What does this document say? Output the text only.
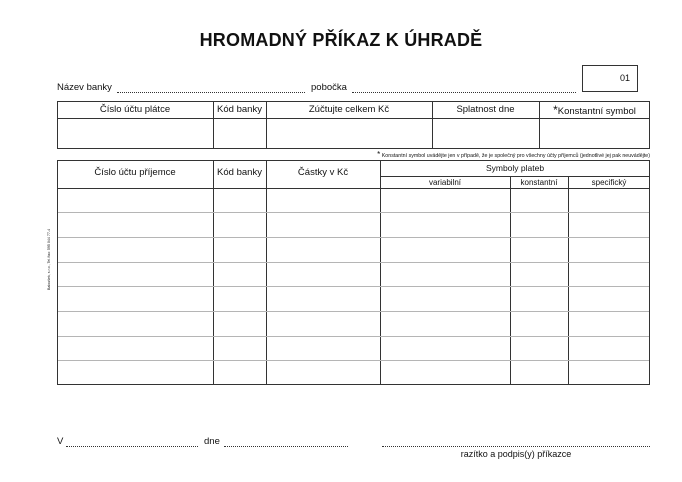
HROMADNÝ PŘÍKAZ K ÚHRADĚ
01
Název banky	pobočka
Číslo účtu plátce	Kód banky	Zúčtujte celkem Kč	Splatnost dne	*Konstantní symbol
* Konstantní symbol uvádějte jen v případě, že je společný pro všechny účty příjemců (jednotlivé jej pak neuvádějte)
Číslo účtu příjemce	Kód banky	Částky v Kč	Symboly plateb
variabilní	konstantní	specifický
Baloušek, s.r.o., Tel./fax: 595 044 77-4
V	dne
razítko a podpis(y) příkazce
